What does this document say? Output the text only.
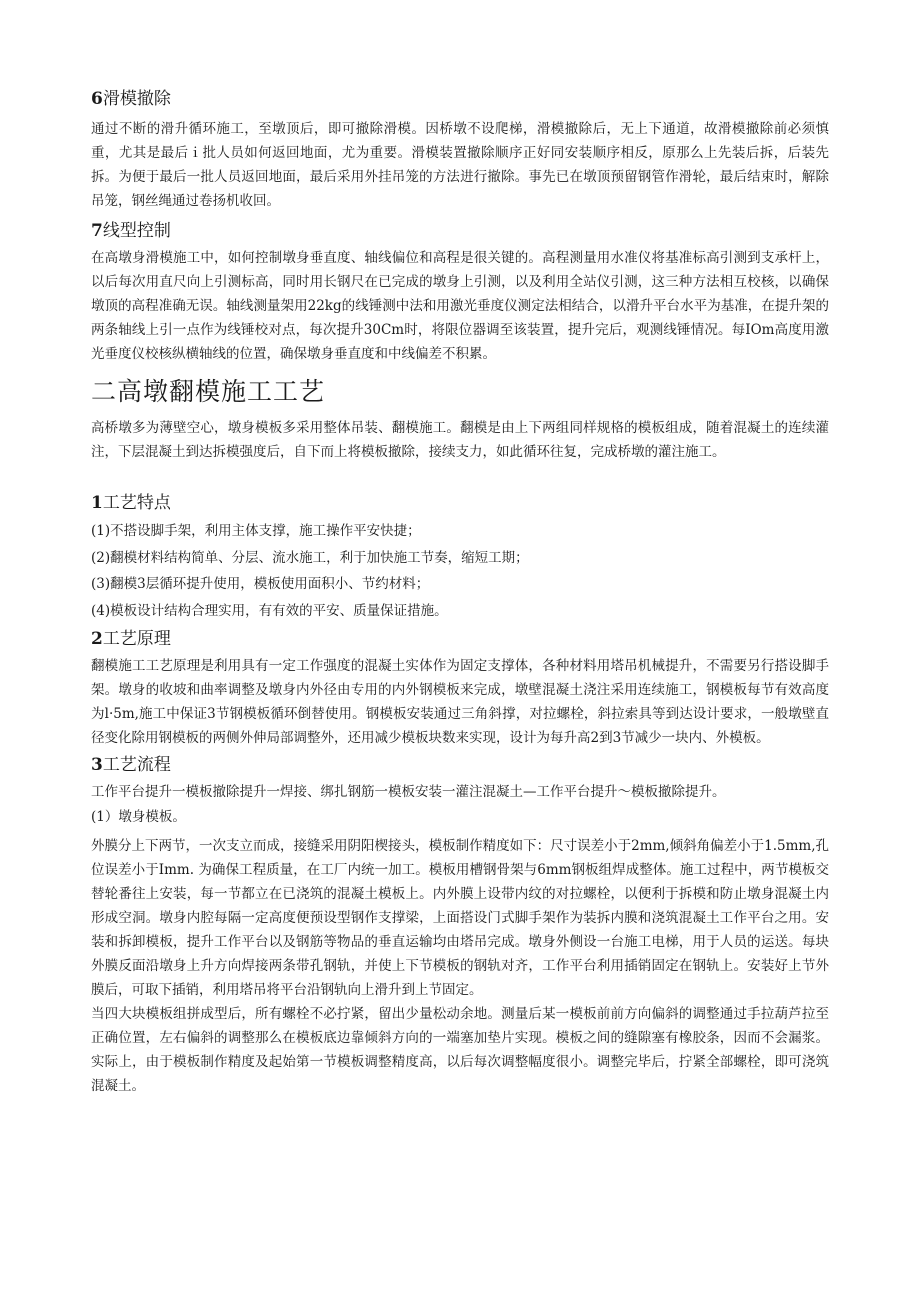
6滑模撤除

通过不断的滑升循环施工，至墩顶后，即可撤除滑模。因桥墩不设爬梯，滑模撤除后，无上下通道，故滑模撤除前必须慎重，尤其是最后ｉ批人员如何返回地面，尤为重要。滑模装置撤除顺序正好同安装顺序相反，原那么上先装后拆，后装先拆。为便于最后一批人员返回地面，最后采用外挂吊笼的方法进行撤除。事先已在墩顶预留钢管作滑轮，最后结束时，解除吊笼，钢丝绳通过卷扬机收回。

7线型控制

在高墩身滑模施工中，如何控制墩身垂直度、轴线偏位和高程是很关键的。高程测量用水准仪将基准标高引测到支承杆上，以后每次用直尺向上引测标高，同时用长钢尺在已完成的墩身上引测，以及利用全站仪引测，这三种方法相互校核，以确保墩顶的高程准确无误。轴线测量架用22kg的线锤测中法和用激光垂度仪测定法相结合，以滑升平台水平为基准，在提升架的两条轴线上引一点作为线锤校对点，每次提升30Cm时，将限位器调至该装置，提升完后，观测线锤情况。每IOm高度用激光垂度仪校核纵横轴线的位置，确保墩身垂直度和中线偏差不积累。

二高墩翻模施工工艺

高桥墩多为薄壁空心，墩身模板多采用整体吊装、翻模施工。翻模是由上下两组同样规格的模板组成，随着混凝土的连续灌注，下层混凝土到达拆模强度后，自下而上将模板撤除，接续支力，如此循环往复，完成桥墩的灌注施工。

1工艺特点

(1)不搭设脚手架，利用主体支撑，施工操作平安快捷；

(2)翻模材料结构简单、分层、流水施工，利于加快施工节奏，缩短工期；

(3)翻模3层循环提升使用，模板使用面积小、节约材料；

(4)模板设计结构合理实用，有有效的平安、质量保证措施。

2工艺原理

翻模施工工艺原理是利用具有一定工作强度的混凝土实体作为固定支撑体，各种材料用塔吊机械提升，不需要另行搭设脚手架。墩身的收坡和曲率调整及墩身内外径由专用的内外钢模板来完成，墩壁混凝土浇注采用连续施工，钢模板每节有效高度为l·5m,施工中保证3节钢模板循环倒替使用。钢模板安装通过三角斜撑，对拉螺栓，斜拉索具等到达设计要求，一般墩壁直径变化除用钢模板的两侧外伸局部调整外，还用减少模板块数来实现，设计为每升高2到3节减少一块内、外模板。

3工艺流程

工作平台提升一模板撤除提升一焊接、绑扎钢筋一模板安装一灌注混凝土—工作平台提升～模板撤除提升。

(1）墩身模板。

外膜分上下两节，一次支立而成，接缝采用阴阳楔接头，模板制作精度如下：尺寸误差小于2mm,倾斜角偏差小于1.5mm,孔位误差小于Imm. 为确保工程质量，在工厂内统一加工。模板用槽钢骨架与6mm钢板组焊成整体。施工过程中，两节模板交替轮番往上安装，每一节都立在已浇筑的混凝土模板上。内外膜上设带内纹的对拉螺栓，以便利于拆模和防止墩身混凝土内形成空洞。墩身内腔每隔一定高度便预设型钢作支撑梁，上面搭设门式脚手架作为装拆内膜和浇筑混凝土工作平台之用。安装和拆卸模板，提升工作平台以及钢筋等物品的垂直运输均由塔吊完成。墩身外侧设一台施工电梯，用于人员的运送。每块外膜反面沿墩身上升方向焊接两条带孔钢轨，并使上下节模板的钢轨对齐，工作平台利用插销固定在钢轨上。安装好上节外膜后，可取下插销，利用塔吊将平台沿钢轨向上滑升到上节固定。

当四大块模板组拼成型后，所有螺栓不必拧紧，留出少量松动余地。测量后某一模板前前方向偏斜的调整通过手拉葫芦拉至正确位置，左右偏斜的调整那么在模板底边靠倾斜方向的一端塞加垫片实现。模板之间的缝隙塞有橡胶条，因而不会漏浆。实际上，由于模板制作精度及起始第一节模板调整精度高，以后每次调整幅度很小。调整完毕后，拧紧全部螺栓，即可浇筑混凝土。
